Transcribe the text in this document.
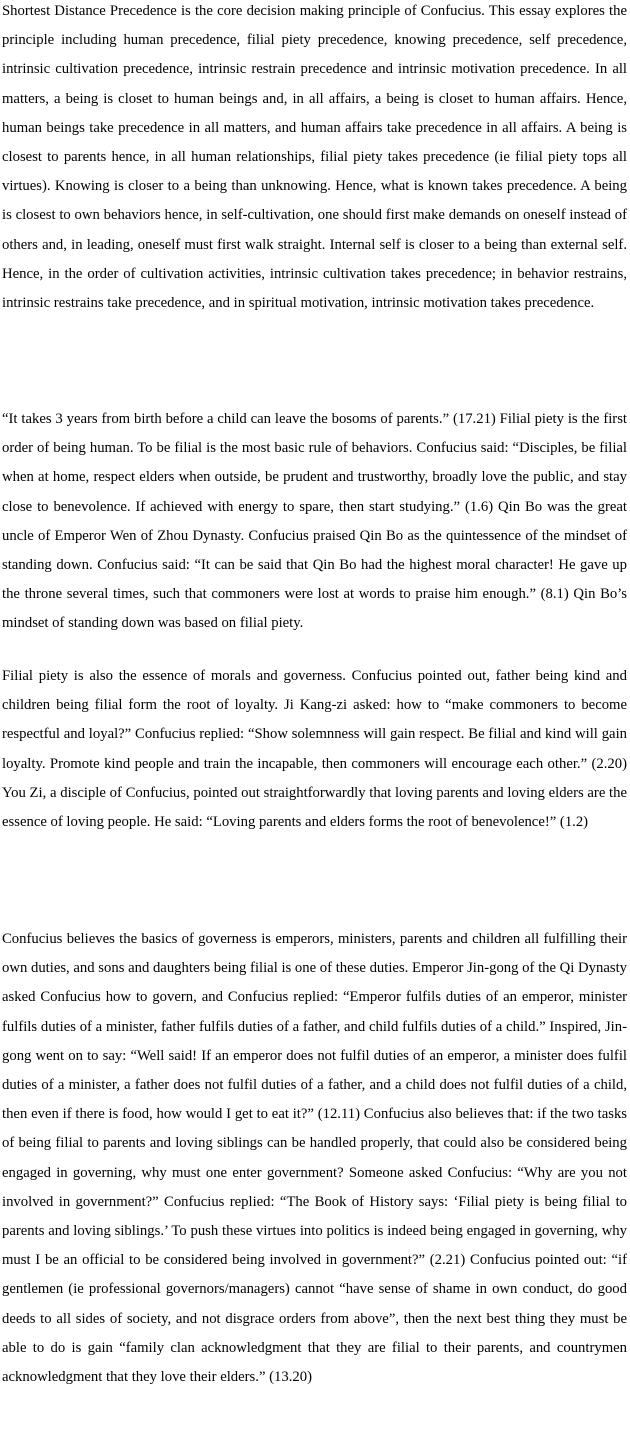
Shortest Distance Precedence is the core decision making principle of Confucius. This essay explores the principle including human precedence, filial piety precedence, knowing precedence, self precedence, intrinsic cultivation precedence, intrinsic restrain precedence and intrinsic motivation precedence. In all matters, a being is closet to human beings and, in all affairs, a being is closet to human affairs. Hence, human beings take precedence in all matters, and human affairs take precedence in all affairs. A being is closest to parents hence, in all human relationships, filial piety takes precedence (ie filial piety tops all virtues). Knowing is closer to a being than unknowing. Hence, what is known takes precedence. A being is closest to own behaviors hence, in self-cultivation, one should first make demands on oneself instead of others and, in leading, oneself must first walk straight. Internal self is closer to a being than external self. Hence, in the order of cultivation activities, intrinsic cultivation takes precedence; in behavior restrains, intrinsic restrains take precedence, and in spiritual motivation, intrinsic motivation takes precedence.

“It takes 3 years from birth before a child can leave the bosoms of parents.” (17.21) Filial piety is the first order of being human. To be filial is the most basic rule of behaviors. Confucius said: “Disciples, be filial when at home, respect elders when outside, be prudent and trustworthy, broadly love the public, and stay close to benevolence. If achieved with energy to spare, then start studying.” (1.6) Qin Bo was the great uncle of Emperor Wen of Zhou Dynasty. Confucius praised Qin Bo as the quintessence of the mindset of standing down. Confucius said: “It can be said that Qin Bo had the highest moral character! He gave up the throne several times, such that commoners were lost at words to praise him enough.” (8.1) Qin Bo’s mindset of standing down was based on filial piety.

Filial piety is also the essence of morals and governess. Confucius pointed out, father being kind and children being filial form the root of loyalty. Ji Kang-zi asked: how to “make commoners to become respectful and loyal?” Confucius replied: “Show solemnness will gain respect. Be filial and kind will gain loyalty. Promote kind people and train the incapable, then commoners will encourage each other.” (2.20) You Zi, a disciple of Confucius, pointed out straightforwardly that loving parents and loving elders are the essence of loving people. He said: “Loving parents and elders forms the root of benevolence!” (1.2)

Confucius believes the basics of governess is emperors, ministers, parents and children all fulfilling their own duties, and sons and daughters being filial is one of these duties. Emperor Jin-gong of the Qi Dynasty asked Confucius how to govern, and Confucius replied: “Emperor fulfils duties of an emperor, minister fulfils duties of a minister, father fulfils duties of a father, and child fulfils duties of a child.” Inspired, Jin-gong went on to say: “Well said! If an emperor does not fulfil duties of an emperor, a minister does fulfil duties of a minister, a father does not fulfil duties of a father, and a child does not fulfil duties of a child, then even if there is food, how would I get to eat it?” (12.11) Confucius also believes that: if the two tasks of being filial to parents and loving siblings can be handled properly, that could also be considered being engaged in governing, why must one enter government? Someone asked Confucius: “Why are you not involved in government?” Confucius replied: “The Book of History says: ‘Filial piety is being filial to parents and loving siblings.’ To push these virtues into politics is indeed being engaged in governing, why must I be an official to be considered being involved in government?” (2.21) Confucius pointed out: “if gentlemen (ie professional governors/managers) cannot “have sense of shame in own conduct, do good deeds to all sides of society, and not disgrace orders from above”, then the next best thing they must be able to do is gain “family clan acknowledgment that they are filial to their parents, and countrymen acknowledgment that they love their elders.” (13.20)
